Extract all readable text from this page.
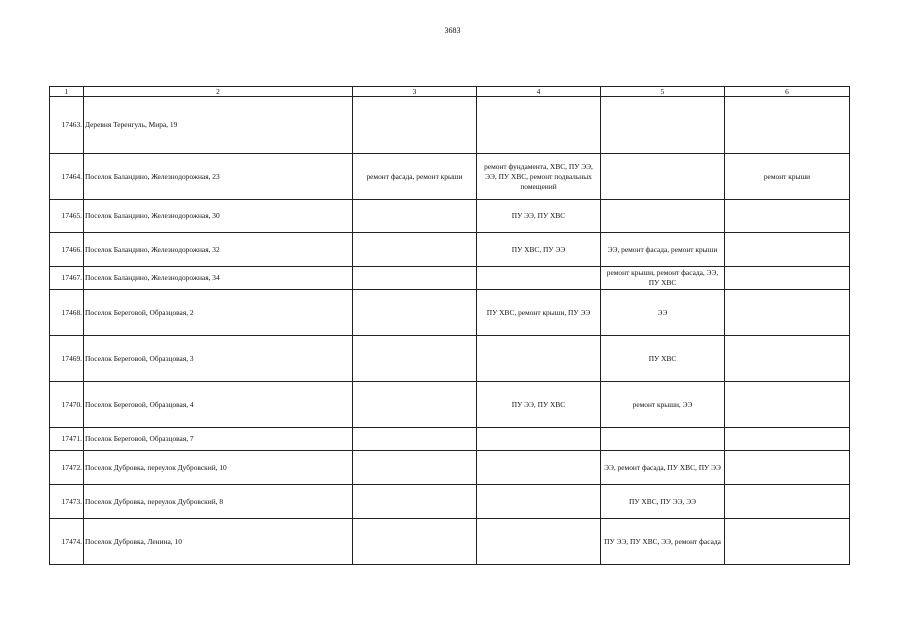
3683
1	2	3	4	5	6
17463.	Деревня Теренгуль, Мира, 19				
17464.	Поселок Баландино, Железнодорожная, 23	ремонт фасада, ремонт крыши	ремонт фундамента, ХВС, ПУ ЭЭ, ЭЭ, ПУ ХВС, ремонт подвальных помещений		ремонт крыши
17465.	Поселок Баландино, Железнодорожная, 30		ПУ ЭЭ, ПУ ХВС		
17466.	Поселок Баландино, Железнодорожная, 32		ПУ ХВС, ПУ ЭЭ	ЭЭ, ремонт фасада, ремонт крыши	
17467.	Поселок Баландино, Железнодорожная, 34			ремонт крыши, ремонт фасада, ЭЭ, ПУ ХВС	
17468.	Поселок Береговой, Образцовая, 2		ПУ ХВС, ремонт крыши, ПУ ЭЭ	ЭЭ	
17469.	Поселок Береговой, Образцовая, 3			ПУ ХВС	
17470.	Поселок Береговой, Образцовая, 4		ПУ ЭЭ, ПУ ХВС	ремонт крыши, ЭЭ	
17471.	Поселок Береговой, Образцовая, 7				
17472.	Поселок Дубровка, переулок Дубровский, 10			ЭЭ, ремонт фасада, ПУ ХВС, ПУ ЭЭ	
17473.	Поселок Дубровка, переулок Дубровский, 8			ПУ ХВС, ПУ ЭЭ, ЭЭ	
17474.	Поселок Дубровка, Ленина, 10			ПУ ЭЭ, ПУ ХВС, ЭЭ, ремонт фасада	
